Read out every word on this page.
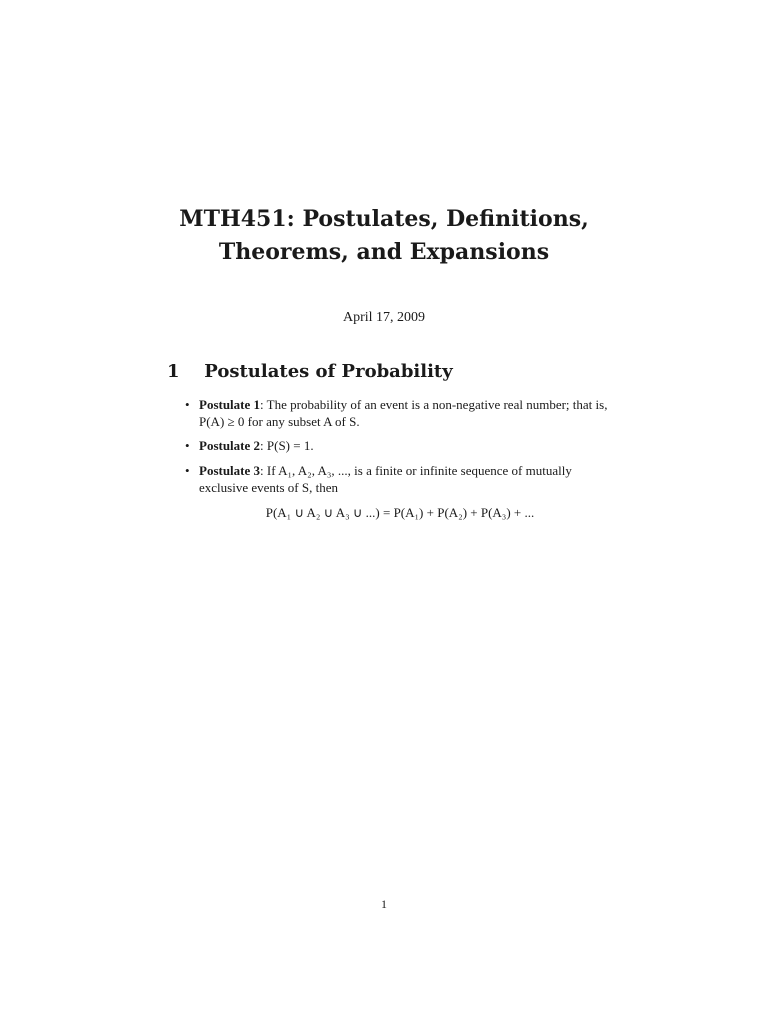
MTH451: Postulates, Definitions,
Theorems, and Expansions
April 17, 2009
1 Postulates of Probability
• Postulate 1: The probability of an event is a non-negative real number; that is, P(A) ≥ 0 for any subset A of S.
• Postulate 2: P(S) = 1.
• Postulate 3: If A₁, A₂, A₃, ..., is a finite or infinite sequence of mutually exclusive events of S, then
P(A₁ ∪ A₂ ∪ A₃ ∪ ...) = P(A₁) + P(A₂) + P(A₃) + ...
1
